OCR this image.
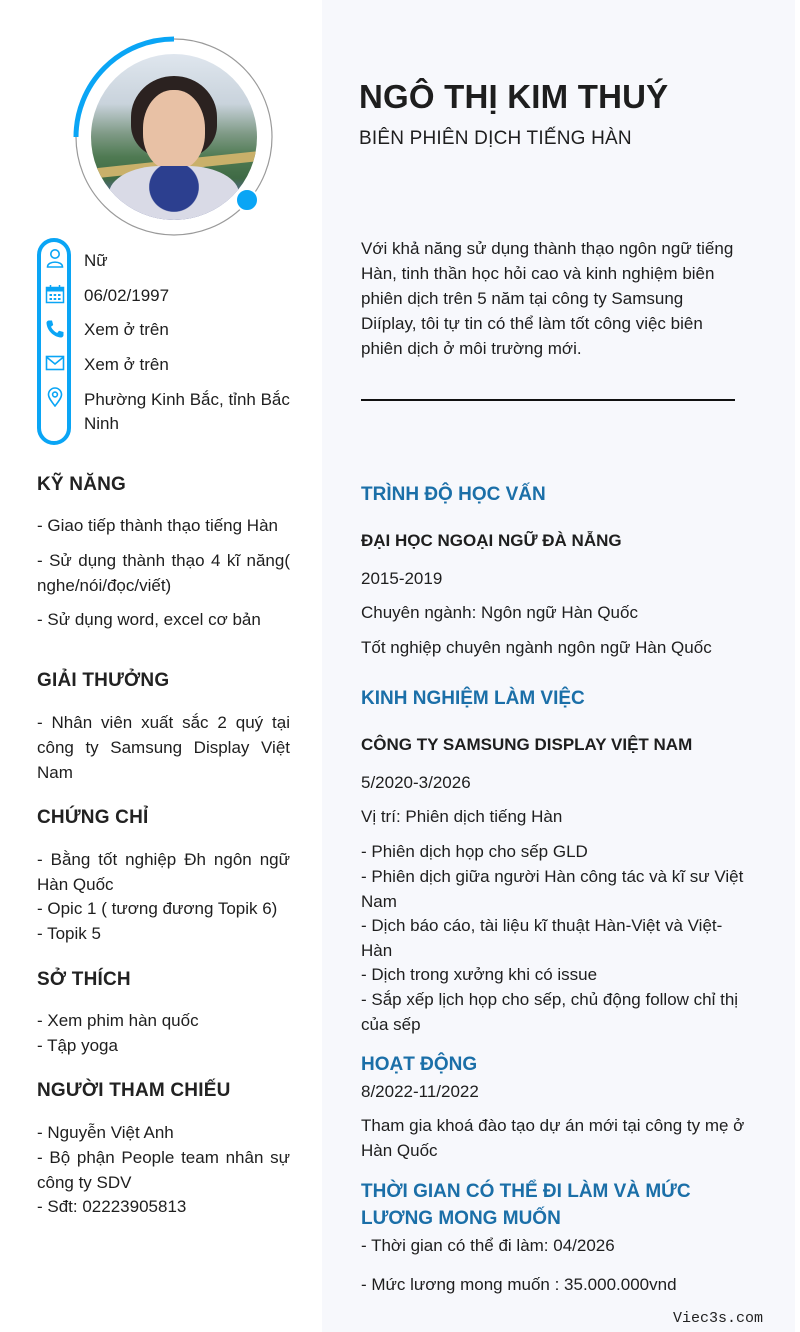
Nữ
06/02/1997
Xem ở trên
Xem ở trên
Phường Kinh Bắc, tỉnh Bắc Ninh
KỸ NĂNG
- Giao tiếp thành thạo tiếng Hàn
- Sử dụng thành thạo 4 kĩ năng( nghe/nói/đọc/viết)
- Sử dụng word, excel cơ bản
GIẢI THƯỞNG
- Nhân viên xuất sắc 2 quý tại công ty Samsung Display Việt Nam
CHỨNG CHỈ
- Bằng tốt nghiệp Đh ngôn ngữ Hàn Quốc
- Opic 1 ( tương đương Topik 6)
- Topik 5
SỞ THÍCH
- Xem phim hàn quốc
- Tập yoga
NGƯỜI THAM CHIẾU
- Nguyễn Việt Anh
- Bộ phận People team nhân sự công ty SDV
- Sđt: 02223905813
NGÔ THỊ KIM THUÝ
BIÊN PHIÊN DỊCH TIẾNG HÀN
Với khả năng sử dụng thành thạo ngôn ngữ tiếng Hàn, tinh thần học hỏi cao và kinh nghiệm biên phiên dịch trên 5 năm tại công ty Samsung Diíplay, tôi tự tin có thể làm tốt công việc biên phiên dịch ở môi trường mới.
TRÌNH ĐỘ HỌC VẤN
ĐẠI HỌC NGOẠI NGỮ ĐÀ NẴNG
2015-2019
Chuyên ngành: Ngôn ngữ Hàn Quốc
Tốt nghiệp chuyên ngành ngôn ngữ Hàn Quốc
KINH NGHIỆM LÀM VIỆC
CÔNG TY SAMSUNG DISPLAY VIỆT NAM
5/2020-3/2026
Vị trí: Phiên dịch tiếng Hàn
- Phiên dịch họp cho sếp GLD
- Phiên dịch giữa người Hàn công tác và kĩ sư Việt Nam
- Dịch báo cáo, tài liệu kĩ thuật Hàn-Việt và Việt-Hàn
- Dịch trong xưởng khi có issue
- Sắp xếp lịch họp cho sếp, chủ động follow chỉ thị của sếp
HOẠT ĐỘNG
8/2022-11/2022
Tham gia khoá đào tạo dự án mới tại công ty mẹ ở Hàn Quốc
THỜI GIAN CÓ THỂ ĐI LÀM VÀ MỨC LƯƠNG MONG MUỐN
- Thời gian có thể đi làm: 04/2026
- Mức lương mong muốn : 35.000.000vnd
Viec3s.com
